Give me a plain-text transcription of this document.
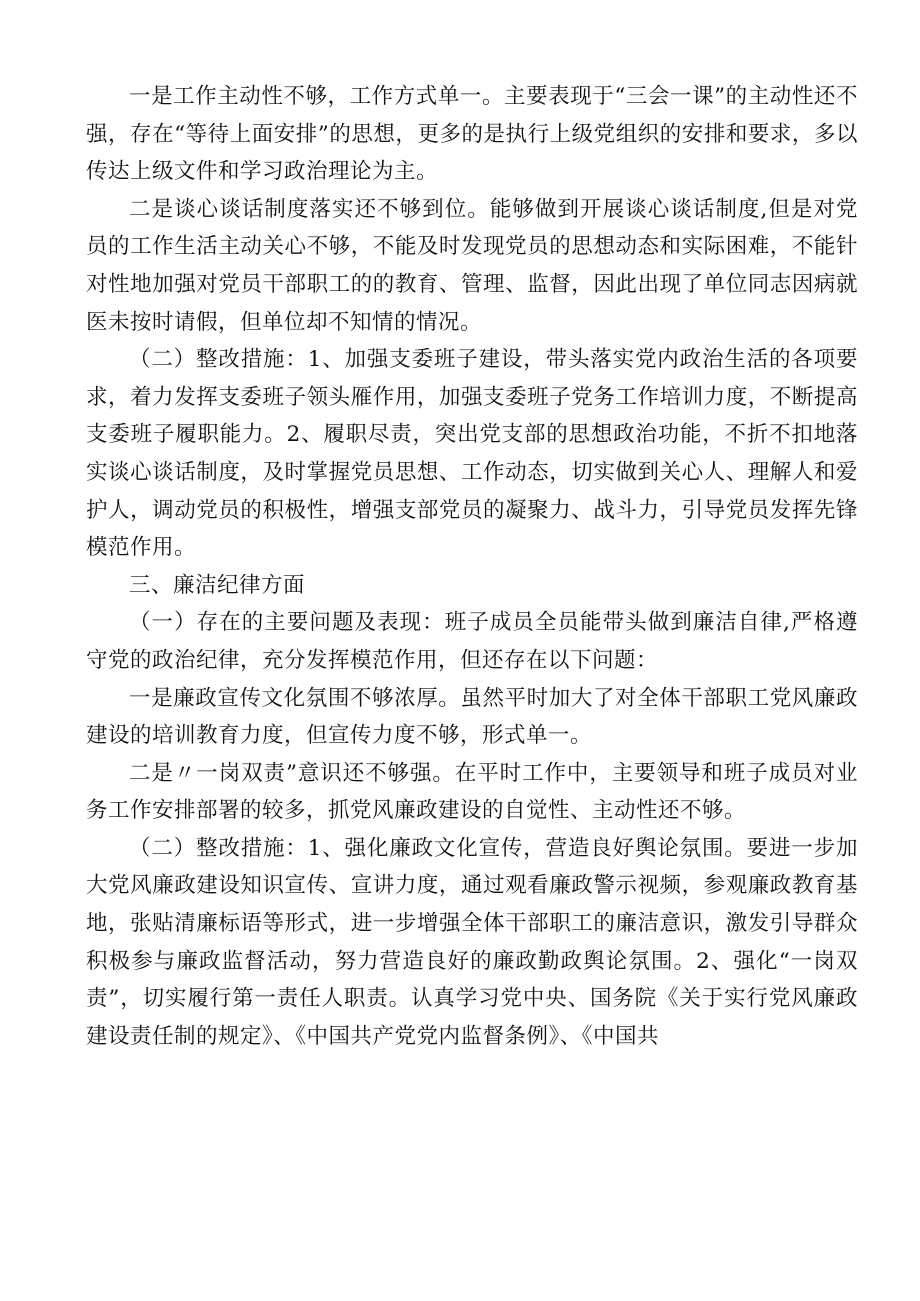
一是工作主动性不够，工作方式单一。主要表现于“三会一课”的主动性还不强，存在“等待上面安排”的思想，更多的是执行上级党组织的安排和要求，多以传达上级文件和学习政治理论为主。

二是谈心谈话制度落实还不够到位。能够做到开展谈心谈话制度,但是对党员的工作生活主动关心不够，不能及时发现党员的思想动态和实际困难，不能针对性地加强对党员干部职工的的教育、管理、监督，因此出现了单位同志因病就医未按时请假，但单位却不知情的情况。

（二）整改措施：1、加强支委班子建设，带头落实党内政治生活的各项要求，着力发挥支委班子领头雁作用，加强支委班子党务工作培训力度，不断提高支委班子履职能力。2、履职尽责，突出党支部的思想政治功能，不折不扣地落实谈心谈话制度，及时掌握党员思想、工作动态，切实做到关心人、理解人和爱护人，调动党员的积极性，增强支部党员的凝聚力、战斗力，引导党员发挥先锋模范作用。

三、廉洁纪律方面

（一）存在的主要问题及表现：班子成员全员能带头做到廉洁自律,严格遵守党的政治纪律，充分发挥模范作用，但还存在以下问题：

一是廉政宣传文化氛围不够浓厚。虽然平时加大了对全体干部职工党风廉政建设的培训教育力度，但宣传力度不够，形式单一。

二是〃一岗双责”意识还不够强。在平时工作中，主要领导和班子成员对业务工作安排部署的较多，抓党风廉政建设的自觉性、主动性还不够。

（二）整改措施：1、强化廉政文化宣传，营造良好舆论氛围。要进一步加大党风廉政建设知识宣传、宣讲力度，通过观看廉政警示视频，参观廉政教育基地，张贴清廉标语等形式，进一步增强全体干部职工的廉洁意识，激发引导群众积极参与廉政监督活动，努力营造良好的廉政勤政舆论氛围。2、强化“一岗双责”，切实履行第一责任人职责。认真学习党中央、国务院《关于实行党风廉政建设责任制的规定》、《中国共产党党内监督条例》、《中国共
